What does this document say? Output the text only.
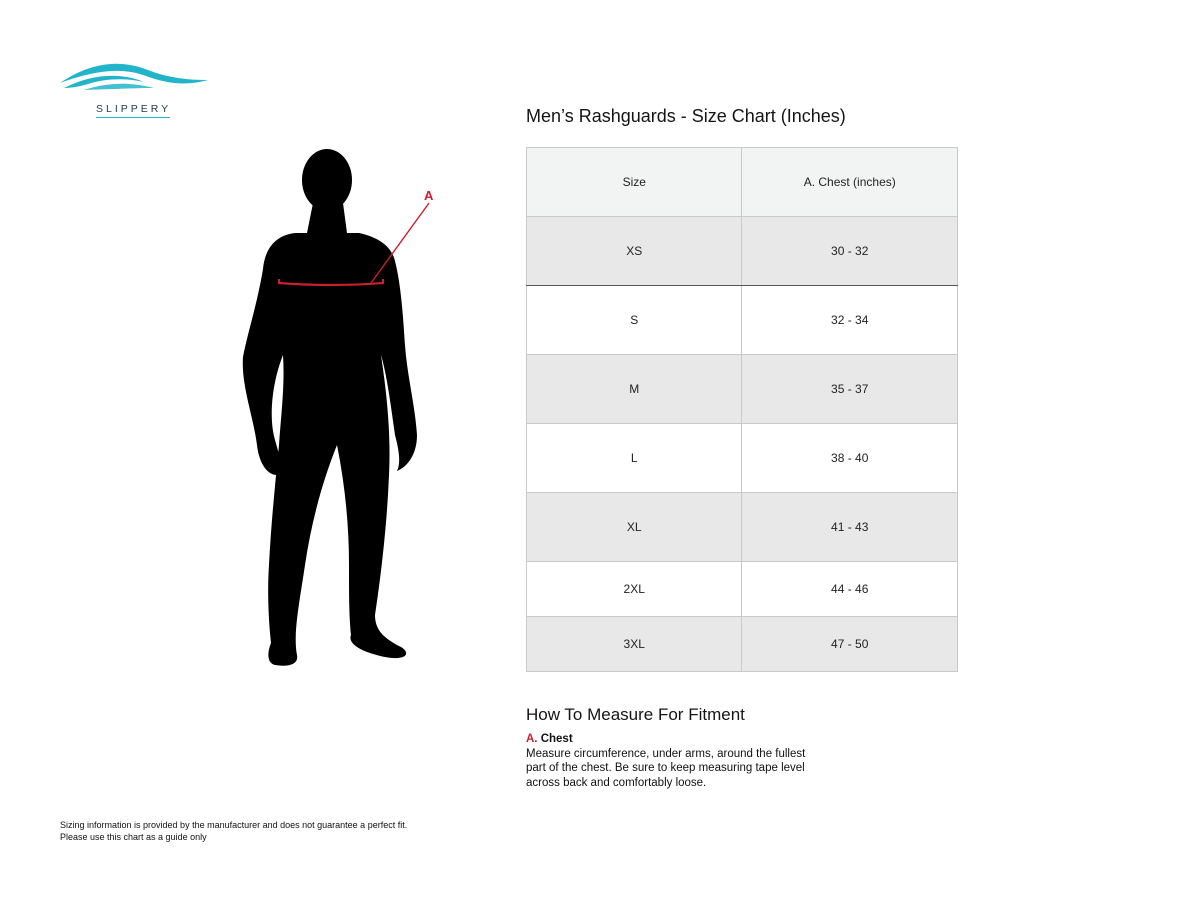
SLIPPERY
A
Men’s Rashguards - Size Chart (Inches)
Size	A. Chest (inches)
XS	30 - 32
S	32 - 34
M	35 - 37
L	38 - 40
XL	41 - 43
2XL	44 - 46
3XL	47 - 50
How To Measure For Fitment
A. Chest
Measure circumference, under arms, around the fullest part of the chest. Be sure to keep measuring tape level across back and comfortably loose.
Sizing information is provided by the manufacturer and does not guarantee a perfect fit.
Please use this chart as a guide only
